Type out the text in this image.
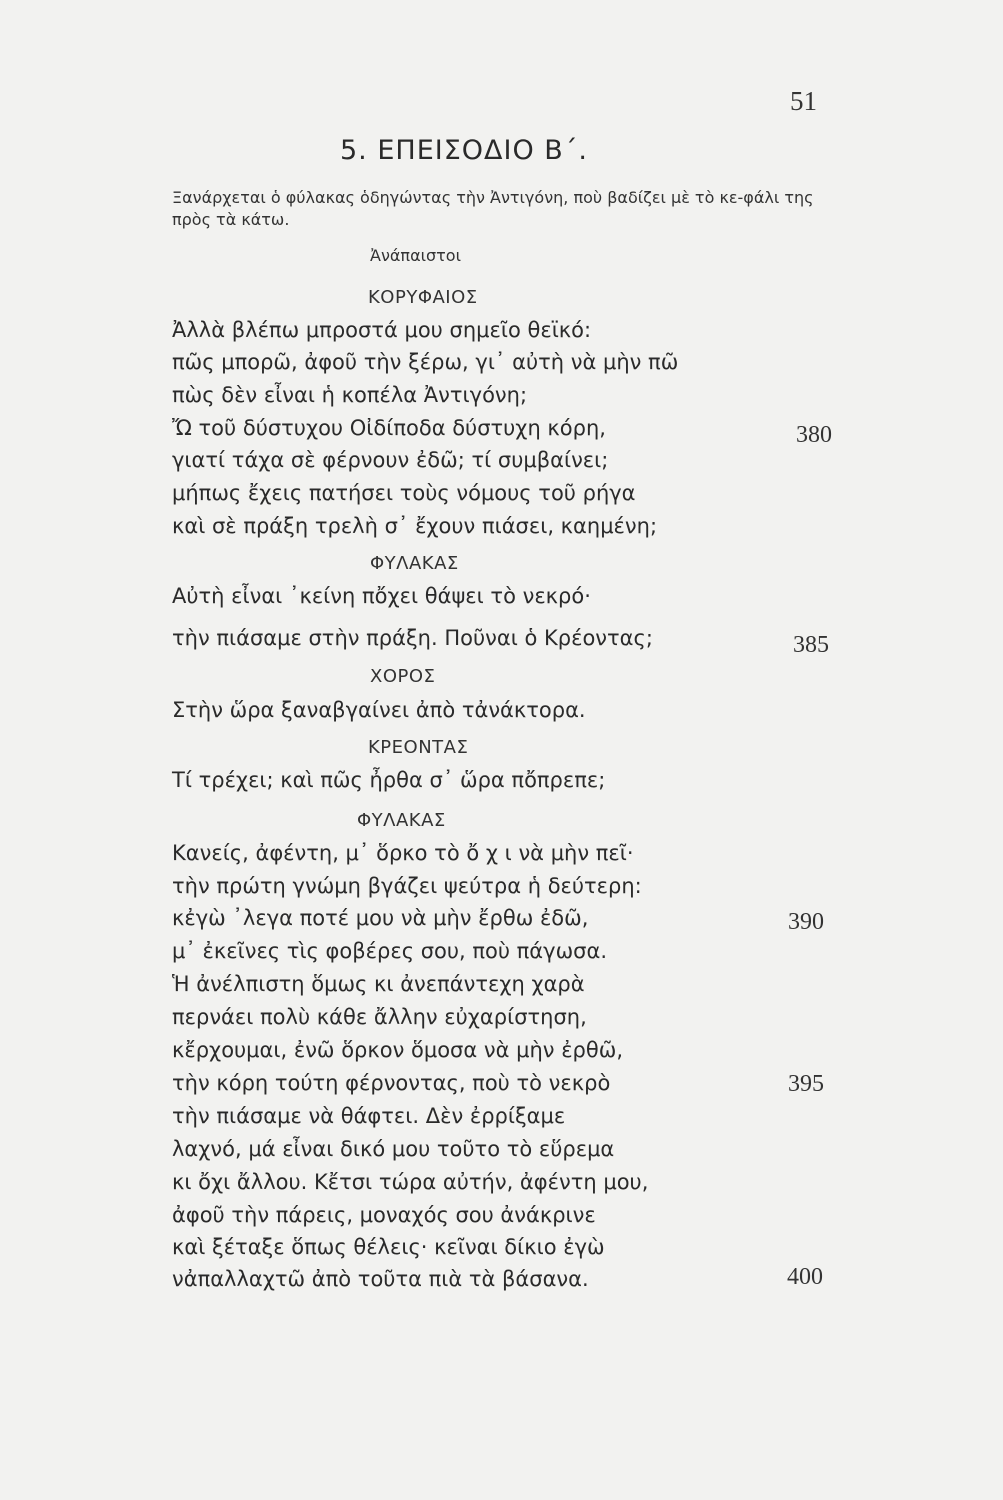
51
5. ΕΠΕΙΣΟΔΙΟ Β΄.
Ξανάρχεται ὁ φύλακας ὁδηγώντας τὴν Ἀντιγόνη, ποὺ βαδίζει μὲ τὸ κε-φάλι της πρὸς τὰ κάτω.
Ἀνάπαιστοι
ΚΟΡΥΦΑΙΟΣ
Ἀλλὰ βλέπω μπροστά μου σημεῖο θεϊκό:
πῶς μπορῶ, ἀφοῦ τὴν ξέρω, γι᾿ αὐτὴ νὰ μὴν πῶ
πὼς δὲν εἶναι ἡ κοπέλα Ἀντιγόνη;
Ὤ τοῦ δύστυχου Οἰδίποδα δύστυχη κόρη,	380
γιατί τάχα σὲ φέρνουν ἐδῶ; τί συμβαίνει;
μήπως ἔχεις πατήσει τοὺς νόμους τοῦ ρήγα
καὶ σὲ πράξη τρελὴ σ᾿ ἔχουν πιάσει, καημένη;
ΦΥΛΑΚΑΣ
Αὐτὴ εἶναι ᾿κείνη πὄχει θάψει τὸ νεκρό·
τὴν πιάσαμε στὴν πράξη. Ποῦναι ὁ Κρέοντας;	385
ΧΟΡΟΣ
Στὴν ὥρα ξαναβγαίνει ἀπὸ τἀνάκτορα.
ΚΡΕΟΝΤΑΣ
Τί τρέχει; καὶ πῶς ἦρθα σ᾿ ὥρα πὄπρεπε;
ΦΥΛΑΚΑΣ
Κανείς, ἀφέντη, μ᾿ ὅρκο τὸ ὄ χ ι νὰ μὴν πεῖ·
τὴν πρώτη γνώμη βγάζει ψεύτρα ἡ δεύτερη:
κἐγὼ ᾿λεγα ποτέ μου νὰ μὴν ἔρθω ἐδῶ,	390
μ᾿ ἐκεῖνες τὶς φοβέρες σου, ποὺ πάγωσα.
Ἡ ἀνέλπιστη ὅμως κι ἀνεπάντεχη χαρὰ
περνάει πολὺ κάθε ἄλλην εὐχαρίστηση,
κἔρχουμαι, ἐνῶ ὅρκον ὅμοσα νὰ μὴν ἐρθῶ,
τὴν κόρη τούτη φέρνοντας, ποὺ τὸ νεκρὸ	395
τὴν πιάσαμε νὰ θάφτει. Δὲν ἐρρίξαμε
λαχνό, μά εἶναι δικό μου τοῦτο τὸ εὕρεμα
κι ὄχι ἄλλου. Κἔτσι τώρα αὐτήν, ἀφέντη μου,
ἀφοῦ τὴν πάρεις, μοναχός σου ἀνάκρινε
καὶ ξέταξε ὅπως θέλεις· κεῖναι δίκιο ἐγὼ
νἀπαλλαχτῶ ἀπὸ τοῦτα πιὰ τὰ βάσανα.	400
